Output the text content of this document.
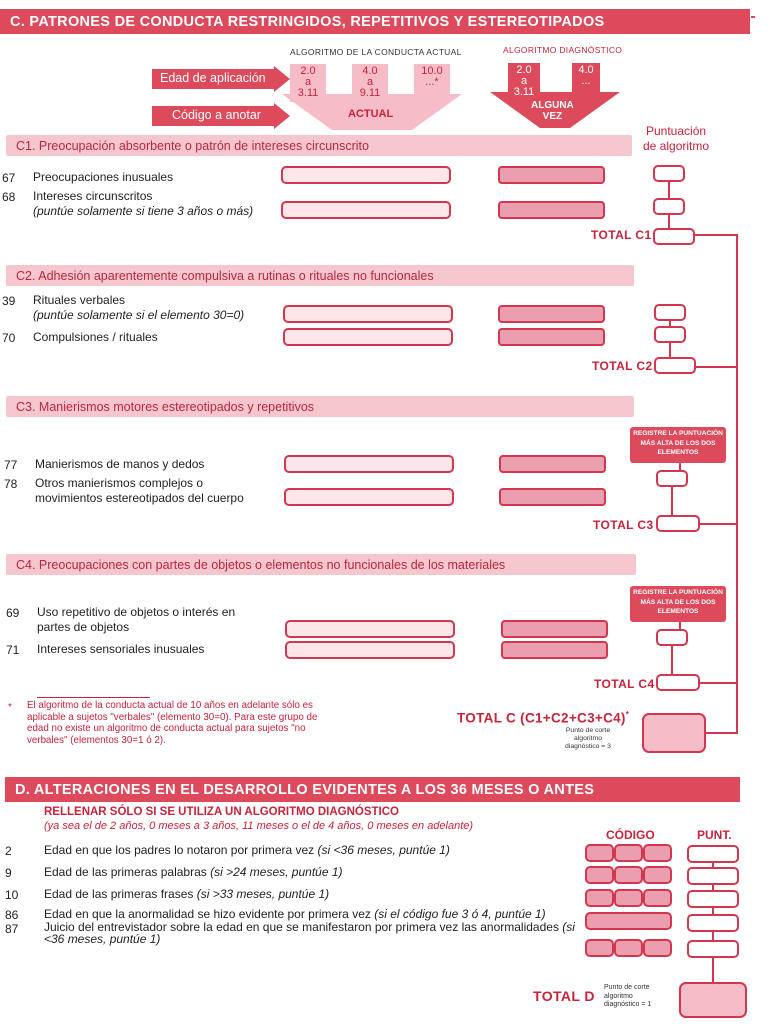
C. PATRONES DE CONDUCTA RESTRINGIDOS, REPETITIVOS Y ESTEREOTIPADOS
ALGORITMO DE LA CONDUCTA ACTUAL	ALGORITMO DIAGNÓSTICO
Edad de aplicación
Código a anotar
2.0
a
3.11
4.0
a
9.11
10.0
...*
ACTUAL
2.0
a
3.11
4.0
...
ALGUNA
VEZ
Puntuación
de algoritmo
C1. Preocupación absorbente o patrón de intereses circunscrito
67 Preocupaciones inusuales
68 Intereses circunscritos
(puntúe solamente si tiene 3 años o más)
TOTAL C1
C2. Adhesión aparentemente compulsiva a rutinas o rituales no funcionales
39 Rituales verbales
(puntúe solamente si el elemento 30=0)
70 Compulsiones / rituales
TOTAL C2
C3. Manierismos motores estereotipados y repetitivos
REGISTRE LA PUNTUACIÓN MÁS ALTA DE LOS DOS ELEMENTOS
77 Manierismos de manos y dedos
78 Otros manierismos complejos o movimientos estereotipados del cuerpo
TOTAL C3
C4. Preocupaciones con partes de objetos o elementos no funcionales de los materiales
REGISTRE LA PUNTUACIÓN MÁS ALTA DE LOS DOS ELEMENTOS
69 Uso repetitivo de objetos o interés en partes de objetos
71 Intereses sensoriales inusuales
TOTAL C4
* El algoritmo de la conducta actual de 10 años en adelante sólo es aplicable a sujetos "verbales" (elemento 30=0). Para este grupo de edad no existe un algoritmo de conducta actual para sujetos "no verbales" (elementos 30=1 ó 2).
TOTAL C (C1+C2+C3+C4)*
Punto de corte algoritmo diagnóstico = 3
D. ALTERACIONES EN EL DESARROLLO EVIDENTES A LOS 36 MESES O ANTES
RELLENAR SÓLO SI SE UTILIZA UN ALGORITMO DIAGNÓSTICO
(ya sea el de 2 años, 0 meses a 3 años, 11 meses o el de 4 años, 0 meses en adelante)
CÓDIGO	PUNT.
2	Edad en que los padres lo notaron por primera vez (si <36 meses, puntúe 1)
9	Edad de las primeras palabras (si >24 meses, puntúe 1)
10 Edad de las primeras frases (si >33 meses, puntúe 1)
86 Edad en que la anormalidad se hizo evidente por primera vez (si el código fue 3 ó 4, puntúe 1)
87 Juicio del entrevistador sobre la edad en que se manifestaron por primera vez las anormalidades (si <36 meses, puntúe 1)
TOTAL D
Punto de corte algoritmo diagnóstico = 1
